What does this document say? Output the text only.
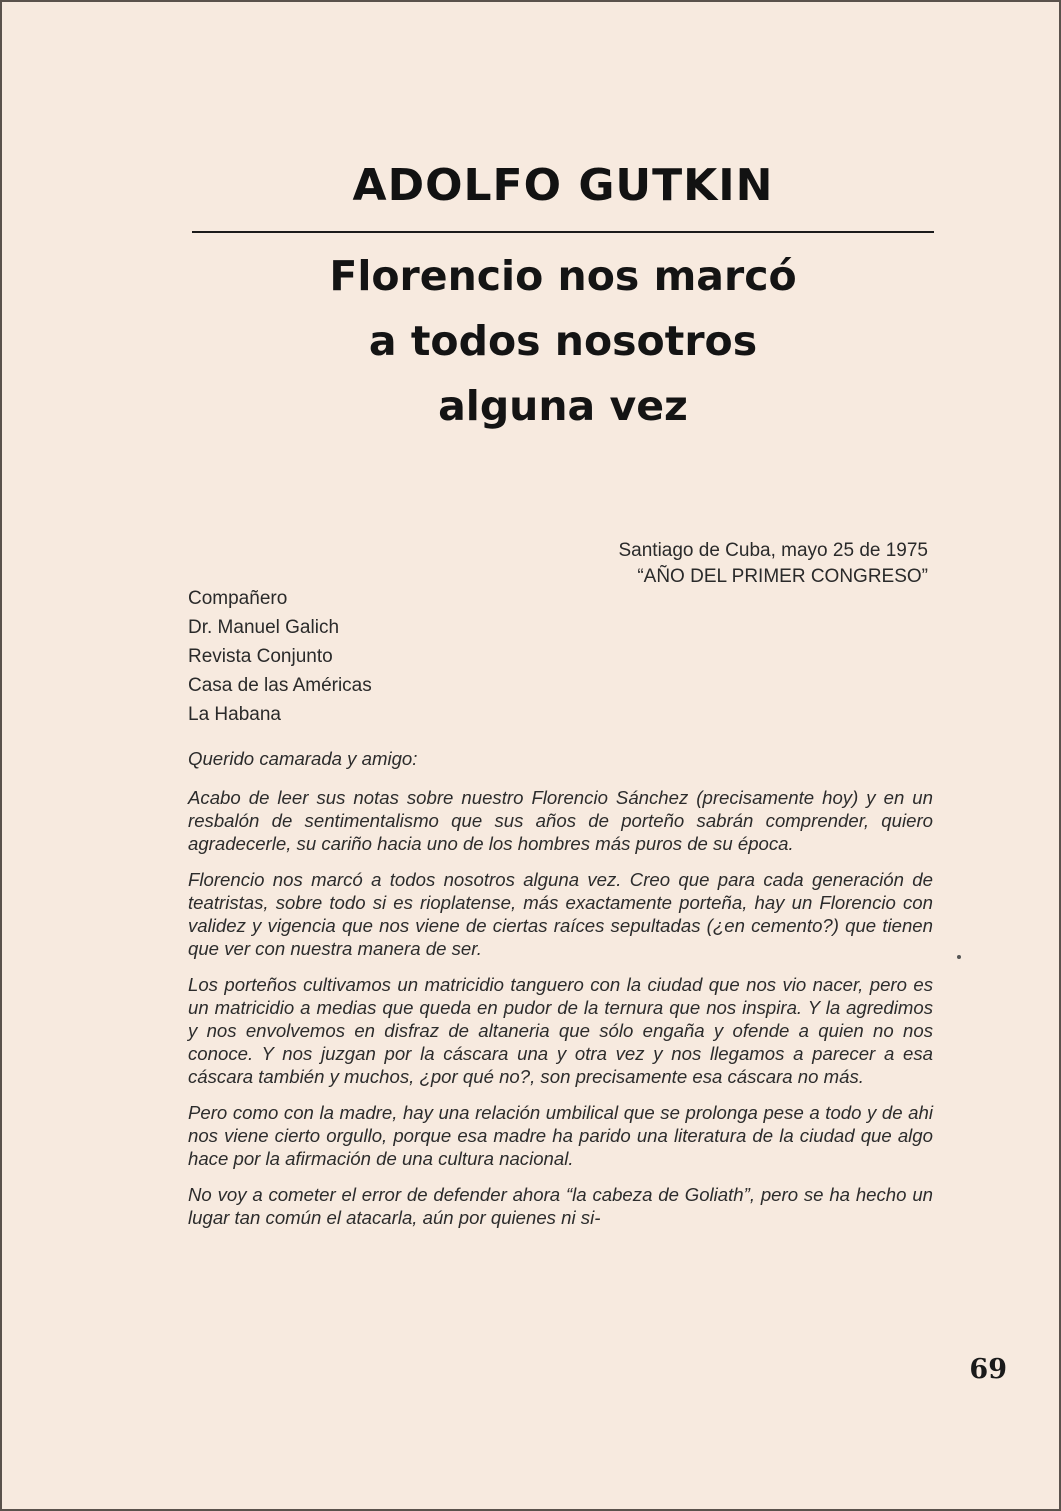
ADOLFO GUTKIN
Florencio nos marcó
a todos nosotros
alguna vez
Santiago de Cuba, mayo 25 de 1975
“AÑO DEL PRIMER CONGRESO”
Compañero
Dr. Manuel Galich
Revista Conjunto
Casa de las Américas
La Habana

Querido camarada y amigo:

Acabo de leer sus notas sobre nuestro Florencio Sánchez (precisamente hoy) y en un resbalón de sentimentalismo que sus años de porteño sabrán comprender, quiero agradecerle, su cariño hacia uno de los hombres más puros de su época.

Florencio nos marcó a todos nosotros alguna vez. Creo que para cada generación de teatristas, sobre todo si es rioplatense, más exactamente porteña, hay un Florencio con validez y vigencia que nos viene de ciertas raíces sepultadas (¿en cemento?) que tienen que ver con nuestra manera de ser.

Los porteños cultivamos un matricidio tanguero con la ciudad que nos vio nacer, pero es un matricidio a medias que queda en pudor de la ternura que nos inspira. Y la agredimos y nos envolvemos en disfraz de altaneria que sólo engaña y ofende a quien no nos conoce. Y nos juzgan por la cáscara una y otra vez y nos llegamos a parecer a esa cáscara también y muchos, ¿por qué no?, son precisamente esa cáscara no más.

Pero como con la madre, hay una relación umbilical que se prolonga pese a todo y de ahi nos viene cierto orgullo, porque esa madre ha parido una literatura de la ciudad que algo hace por la afirmación de una cultura nacional.

No voy a cometer el error de defender ahora “la cabeza de Goliath”, pero se ha hecho un lugar tan común el atacarla, aún por quienes ni si-

69
